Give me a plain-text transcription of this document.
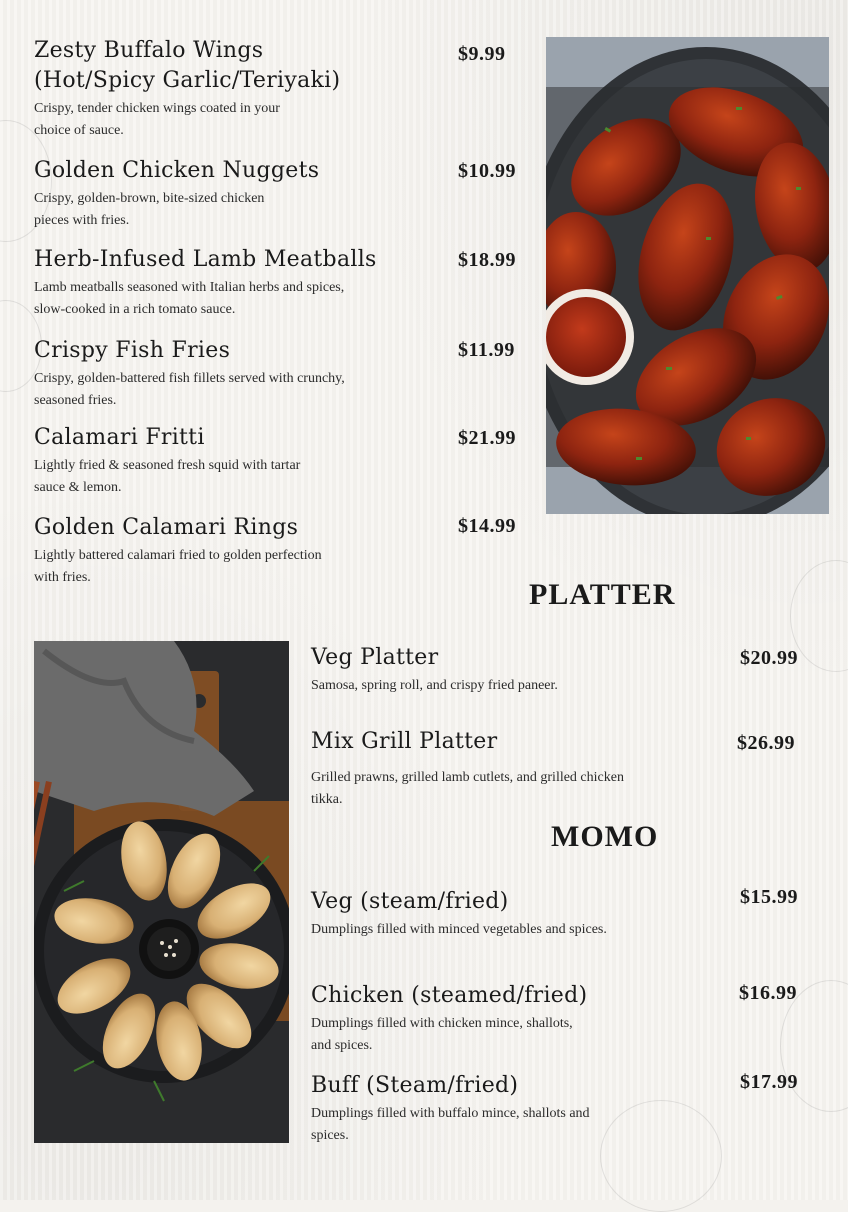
Zesty Buffalo Wings
(Hot/Spicy Garlic/Teriyaki)
Crispy, tender chicken wings coated in your choice of sauce.
$9.99
Golden Chicken Nuggets
Crispy, golden-brown, bite-sized chicken pieces with fries.
$10.99
Herb-Infused Lamb Meatballs
Lamb meatballs seasoned with Italian herbs and spices, slow-cooked in a rich tomato sauce.
$18.99
Crispy Fish Fries
Crispy, golden-battered fish fillets served with crunchy, seasoned fries.
$11.99
Calamari Fritti
Lightly fried & seasoned fresh squid with tartar sauce & lemon.
$21.99
Golden Calamari Rings
Lightly battered calamari fried to golden perfection with fries.
$14.99
PLATTER
Veg Platter
Samosa, spring roll, and crispy fried paneer.
$20.99
Mix Grill Platter
Grilled prawns, grilled lamb cutlets, and grilled chicken tikka.
$26.99
MOMO
Veg (steam/fried)
Dumplings filled with minced vegetables and spices.
$15.99
Chicken (steamed/fried)
Dumplings filled with chicken mince, shallots, and spices.
$16.99
Buff (Steam/fried)
Dumplings filled with buffalo mince, shallots and spices.
$17.99
